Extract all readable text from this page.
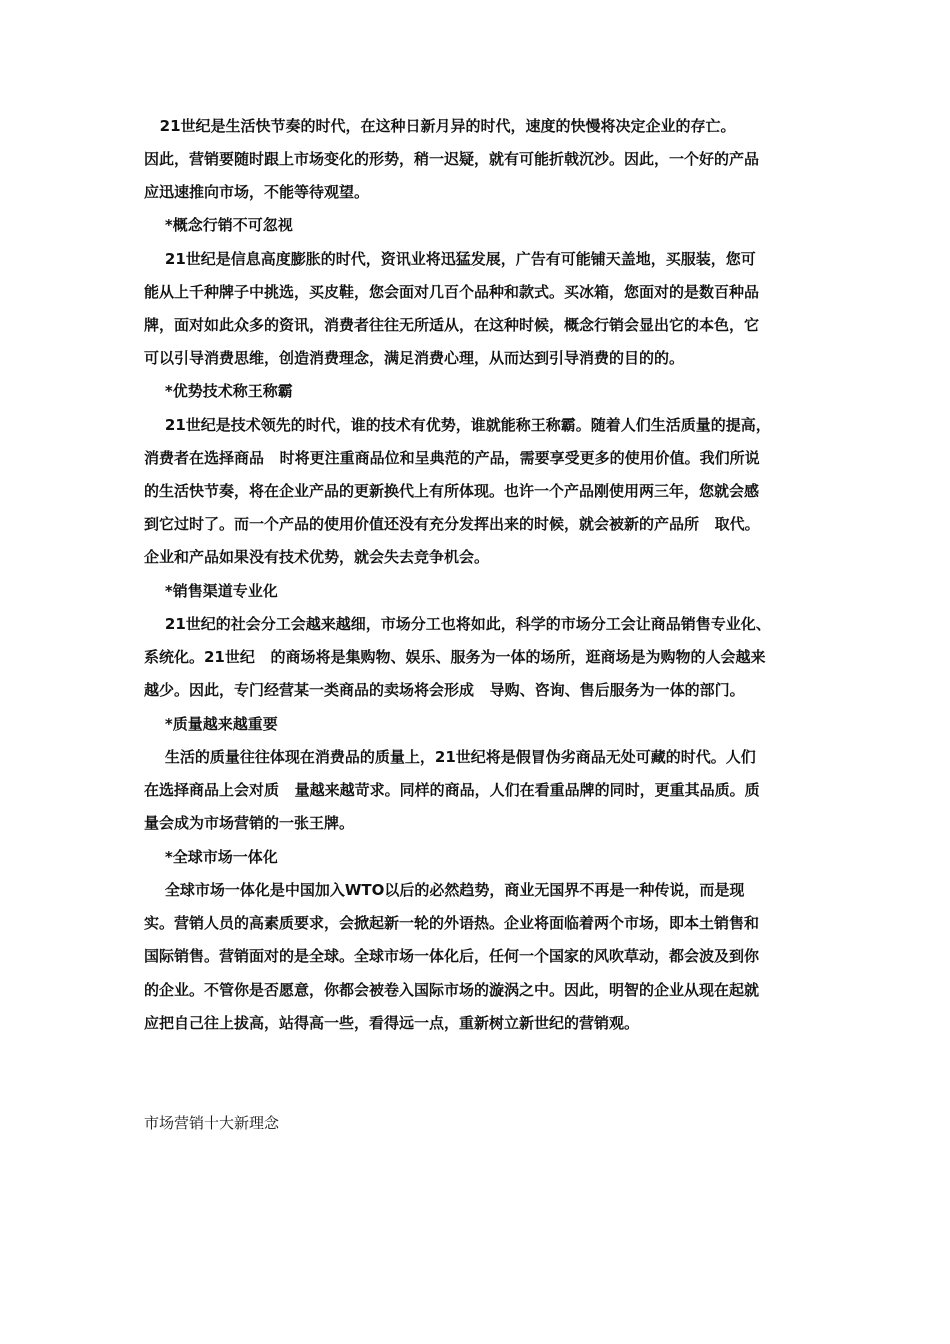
21世纪是生活快节奏的时代，在这种日新月异的时代，速度的快慢将决定企业的存亡。
因此，营销要随时跟上市场变化的形势，稍一迟疑，就有可能折戟沉沙。因此，一个好的产品
应迅速推向市场，不能等待观望。
*概念行销不可忽视
21世纪是信息高度膨胀的时代，资讯业将迅猛发展，广告有可能铺天盖地，买服装，您可
能从上千种牌子中挑选，买皮鞋，您会面对几百个品种和款式。买冰箱，您面对的是数百种品
牌，面对如此众多的资讯，消费者往往无所适从，在这种时候，概念行销会显出它的本色，它
可以引导消费思维，创造消费理念，满足消费心理，从而达到引导消费的目的的。
*优势技术称王称霸
21世纪是技术领先的时代，谁的技术有优势，谁就能称王称霸。随着人们生活质量的提高，
消费者在选择商品   时将更注重商品位和呈典范的产品，需要享受更多的使用价值。我们所说
的生活快节奏，将在企业产品的更新换代上有所体现。也许一个产品刚使用两三年，您就会感
到它过时了。而一个产品的使用价值还没有充分发挥出来的时候，就会被新的产品所   取代。
企业和产品如果没有技术优势，就会失去竞争机会。
*销售渠道专业化
21世纪的社会分工会越来越细，市场分工也将如此，科学的市场分工会让商品销售专业化、
系统化。21世纪   的商场将是集购物、娱乐、服务为一体的场所，逛商场是为购物的人会越来
越少。因此，专门经营某一类商品的卖场将会形成   导购、咨询、售后服务为一体的部门。
*质量越来越重要
生活的质量往往体现在消费品的质量上，21世纪将是假冒伪劣商品无处可藏的时代。人们
在选择商品上会对质   量越来越苛求。同样的商品，人们在看重品牌的同时，更重其品质。质
量会成为市场营销的一张王牌。
*全球市场一体化
全球市场一体化是中国加入WTO以后的必然趋势，商业无国界不再是一种传说，而是现
实。营销人员的高素质要求，会掀起新一轮的外语热。企业将面临着两个市场，即本土销售和
国际销售。营销面对的是全球。全球市场一体化后，任何一个国家的风吹草动，都会波及到你
的企业。不管你是否愿意，你都会被卷入国际市场的漩涡之中。因此，明智的企业从现在起就
应把自己往上拔高，站得高一些，看得远一点，重新树立新世纪的营销观。
市场营销十大新理念
